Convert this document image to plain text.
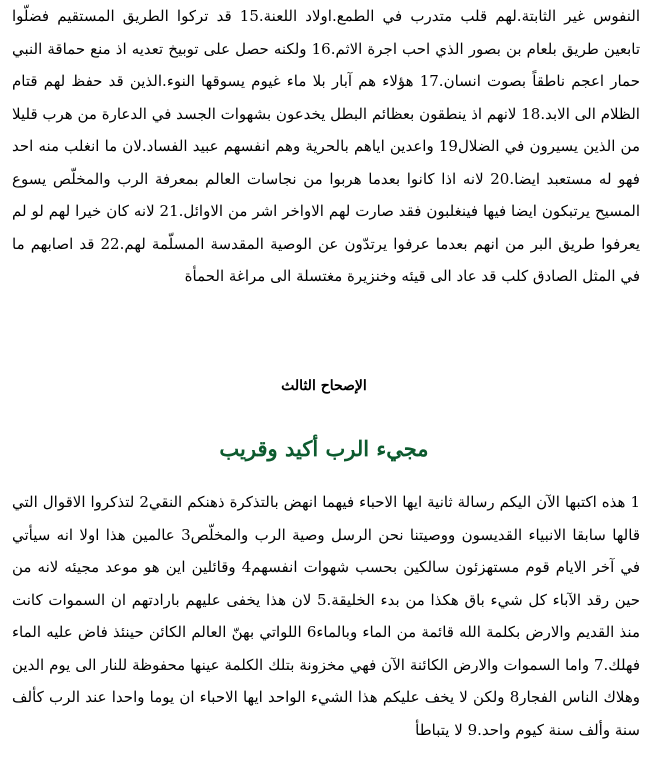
النفوس غير الثابتة.لهم قلب متدرب في الطمع.اولاد اللعنة.15 قد تركوا الطريق المستقيم فضلّوا تابعين طريق بلعام بن بصور الذي احب اجرة الاثم.16 ولكنه حصل على توبيخ تعديه اذ منع حماقة النبي حمار اعجم ناطقاً بصوت انسان.17 هؤلاء هم آبار بلا ماء غيوم يسوقها النوء.الذين قد حفظ لهم قتام الظلام الى الابد.18 لانهم اذ ينطقون بعظائم البطل يخدعون بشهوات الجسد في الدعارة من هرب قليلا من الذين يسيرون في الضلال19 واعدين اياهم بالحرية وهم انفسهم عبيد الفساد.لان ما انغلب منه احد فهو له مستعبد ايضا.20 لانه اذا كانوا بعدما هربوا من نجاسات العالم بمعرفة الرب والمخلّص يسوع المسيح يرتبكون ايضا فيها فينغلبون فقد صارت لهم الاواخر اشر من الاوائل.21 لانه كان خيرا لهم لو لم يعرفوا طريق البر من انهم بعدما عرفوا يرتدّون عن الوصية المقدسة المسلّمة لهم.22 قد اصابهم ما في المثل الصادق كلب قد عاد الى قيئه وخنزيرة مغتسلة الى مراغة الحمأة

الإصحاح الثالث
مجيء الرب أكيد وقريب

1 هذه اكتبها الآن اليكم رسالة ثانية ايها الاحباء فيهما انهض بالتذكرة ذهنكم النقي2 لتذكروا الاقوال التي قالها سابقا الانبياء القديسون ووصيتنا نحن الرسل وصية الرب والمخلّص3 عالمين هذا اولا انه سيأتي في آخر الايام قوم مستهزئون سالكين بحسب شهوات انفسهم4 وقائلين اين هو موعد مجيئه لانه من حين رقد الآباء كل شيء باق هكذا من بدء الخليقة.5 لان هذا يخفى عليهم بارادتهم ان السموات كانت منذ القديم والارض بكلمة الله قائمة من الماء وبالماء6 اللواتي بهنّ العالم الكائن حينئذ فاض عليه الماء فهلك.7 واما السموات والارض الكائنة الآن فهي مخزونة بتلك الكلمة عينها محفوظة للنار الى يوم الدين وهلاك الناس الفجار8 ولكن لا يخف عليكم هذا الشيء الواحد ايها الاحباء ان يوما واحدا عند الرب كألف سنة وألف سنة كيوم واحد.9 لا يتباطأ
